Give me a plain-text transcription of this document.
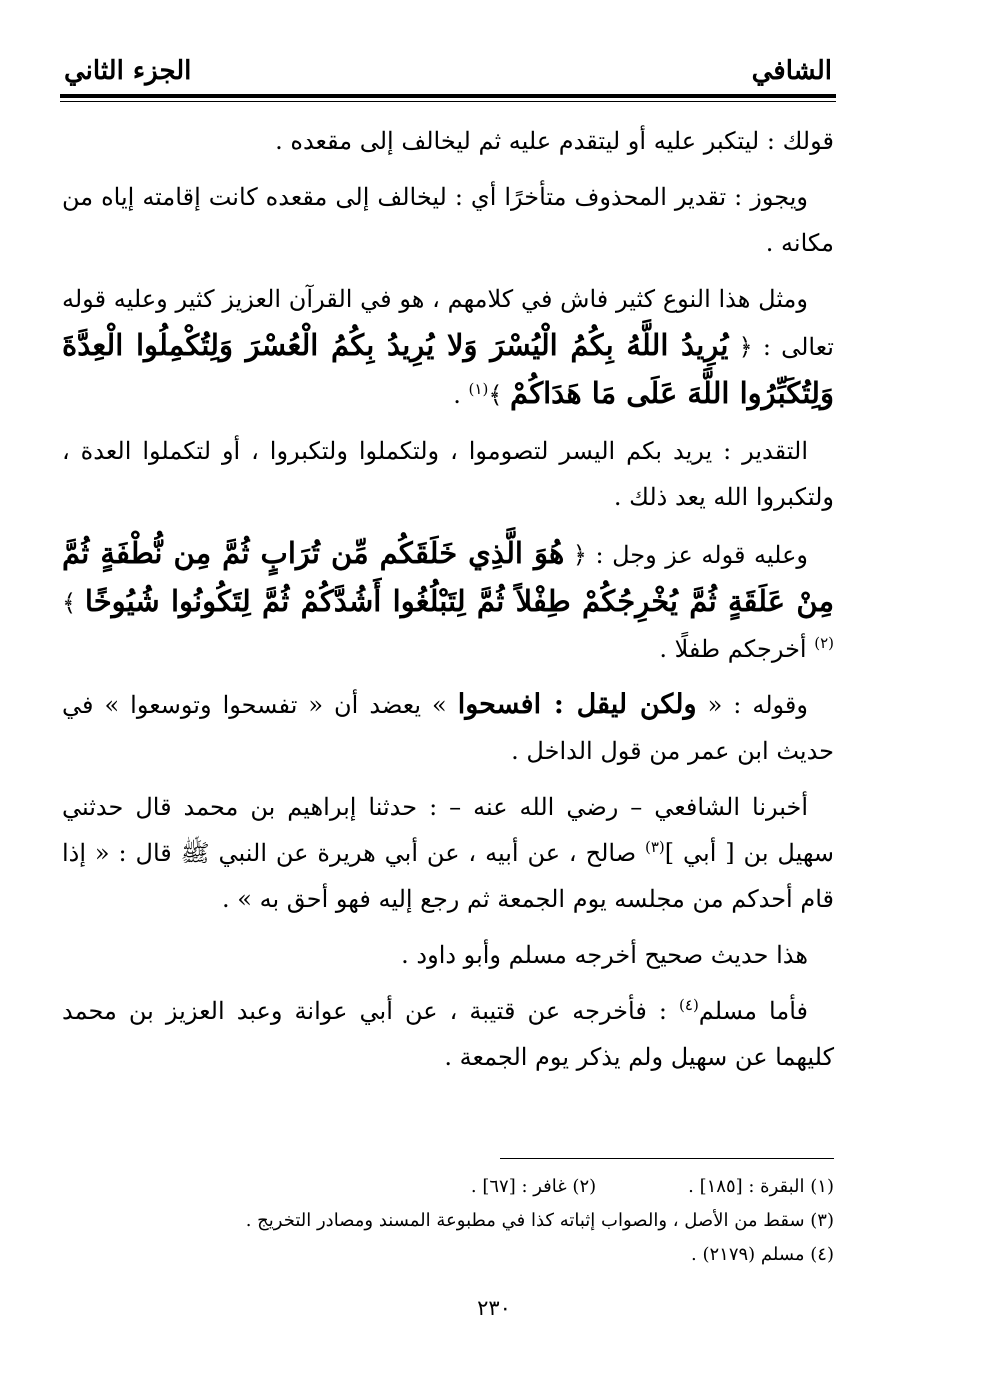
الشافي
الجزء الثاني

قولك : ليتكبر عليه أو ليتقدم عليه ثم ليخالف إلى مقعده .

ويجوز : تقدير المحذوف متأخرًا أي : ليخالف إلى مقعده كانت إقامته إياه من مكانه .

ومثل هذا النوع كثير فاش في كلامهم ، هو في القرآن العزيز كثير وعليه قوله تعالى : ﴿ يُرِيدُ اللَّهُ بِكُمُ الْيُسْرَ وَلا يُرِيدُ بِكُمُ الْعُسْرَ وَلِتُكْمِلُوا الْعِدَّةَ وَلِتُكَبِّرُوا اللَّهَ عَلَى مَا هَدَاكُمْ ﴾$^{(١)}$ .

التقدير : يريد بكم اليسر لتصوموا ، ولتكملوا ولتكبروا ، أو لتكملوا العدة ، ولتكبروا الله يعد ذلك .

وعليه قوله عز وجل : ﴿ هُوَ الَّذِي خَلَقَكُم مِّن تُرَابٍ ثُمَّ مِن نُّطْفَةٍ ثُمَّ مِنْ عَلَقَةٍ ثُمَّ يُخْرِجُكُمْ طِفْلاً ثُمَّ لِتَبْلُغُوا أَشُدَّكُمْ ثُمَّ لِتَكُونُوا شُيُوخًا ﴾$^{(٢)}$ أخرجكم طفلًا .

وقوله : « ولكن ليقل : افسحوا » يعضد أن « تفسحوا وتوسعوا » في حديث ابن عمر من قول الداخل .

أخبرنا الشافعي – رضي الله عنه – : حدثنا إبراهيم بن محمد قال حدثني سهيل بن [ أبي ]$^{(٣)}$ صالح ، عن أبيه ، عن أبي هريرة عن النبي ﷺ قال : « إذا قام أحدكم من مجلسه يوم الجمعة ثم رجع إليه فهو أحق به » .

هذا حديث صحيح أخرجه مسلم وأبو داود .

فأما مسلم$^{(٤)}$ : فأخرجه عن قتيبة ، عن أبي عوانة وعبد العزيز بن محمد كليهما عن سهيل ولم يذكر يوم الجمعة .

(١) البقرة : [١٨٥] .(٢) غافر : [٦٧] .
(٣) سقط من الأصل ، والصواب إثباته كذا في مطبوعة المسند ومصادر التخريج .
(٤) مسلم (٢١٧٩) .
٢٣٠
